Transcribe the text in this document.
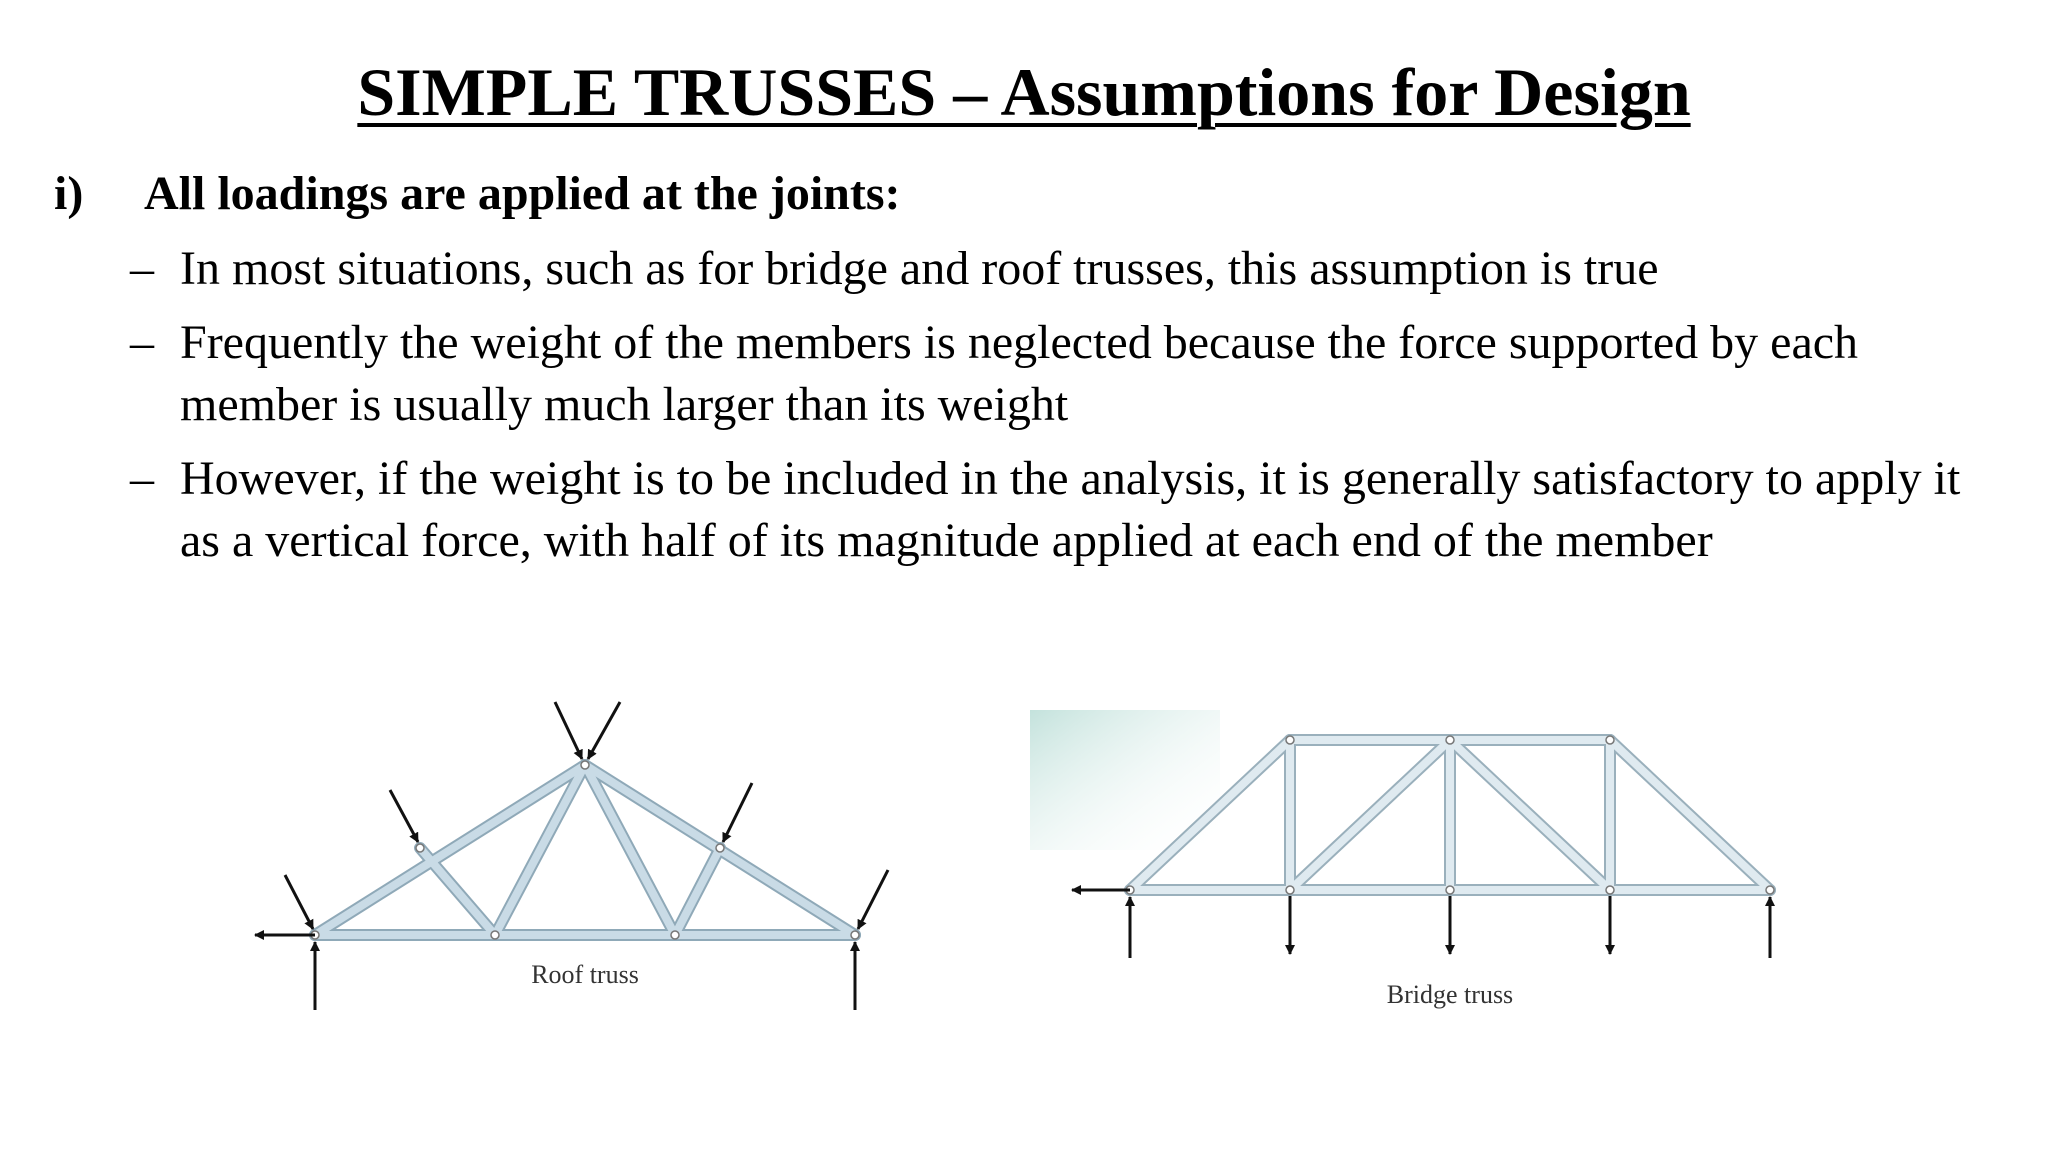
SIMPLE TRUSSES – Assumptions for Design
i) All loadings are applied at the joints:
– In most situations, such as for bridge and roof trusses, this assumption is true
– Frequently the weight of the members is neglected because the force supported by each member is usually much larger than its weight
– However, if the weight is to be included in the analysis, it is generally satisfactory to apply it as a vertical force, with half of its magnitude applied at each end of the member
Roof truss
Bridge truss
